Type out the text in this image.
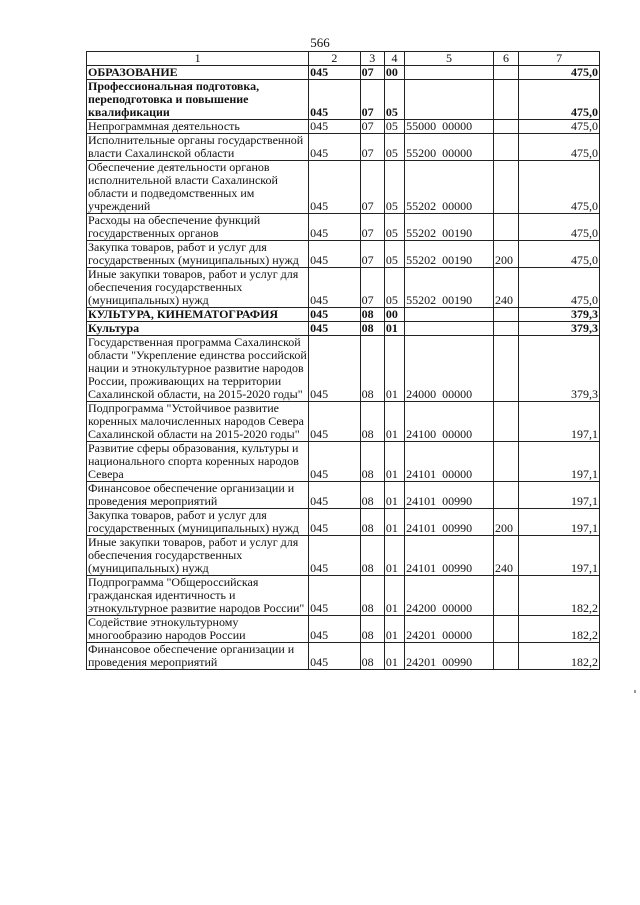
566
1	2	3	4	5	6	7
ОБРАЗОВАНИЕ	045	07	00			475,0
Профессиональная подготовка, переподготовка и повышение квалификации	045	07	05			475,0
Непрограммная деятельность	045	07	05	55000  00000		475,0
Исполнительные органы государственной власти Сахалинской области	045	07	05	55200  00000		475,0
Обеспечение деятельности органов исполнительной власти Сахалинской области и подведомственных им учреждений	045	07	05	55202  00000		475,0
Расходы на обеспечение функций государственных органов	045	07	05	55202  00190		475,0
Закупка товаров, работ и услуг для государственных (муниципальных) нужд	045	07	05	55202  00190	200	475,0
Иные закупки товаров, работ и услуг для обеспечения государственных (муниципальных) нужд	045	07	05	55202  00190	240	475,0
КУЛЬТУРА, КИНЕМАТОГРАФИЯ	045	08	00			379,3
Культура	045	08	01			379,3
Государственная программа Сахалинской области "Укрепление единства российской нации и этнокультурное развитие народов России, проживающих на территории Сахалинской области, на 2015-2020 годы"	045	08	01	24000  00000		379,3
Подпрограмма "Устойчивое развитие коренных малочисленных народов Севера Сахалинской области на 2015-2020 годы"	045	08	01	24100  00000		197,1
Развитие сферы образования, культуры и национального спорта коренных народов Севера	045	08	01	24101  00000		197,1
Финансовое обеспечение организации и проведения мероприятий	045	08	01	24101  00990		197,1
Закупка товаров, работ и услуг для государственных (муниципальных) нужд	045	08	01	24101  00990	200	197,1
Иные закупки товаров, работ и услуг для обеспечения государственных (муниципальных) нужд	045	08	01	24101  00990	240	197,1
Подпрограмма "Общероссийская гражданская идентичность и этнокультурное развитие народов России"	045	08	01	24200  00000		182,2
Содействие этнокультурному многообразию народов России	045	08	01	24201  00000		182,2
Финансовое обеспечение организации и проведения мероприятий	045	08	01	24201  00990		182,2
